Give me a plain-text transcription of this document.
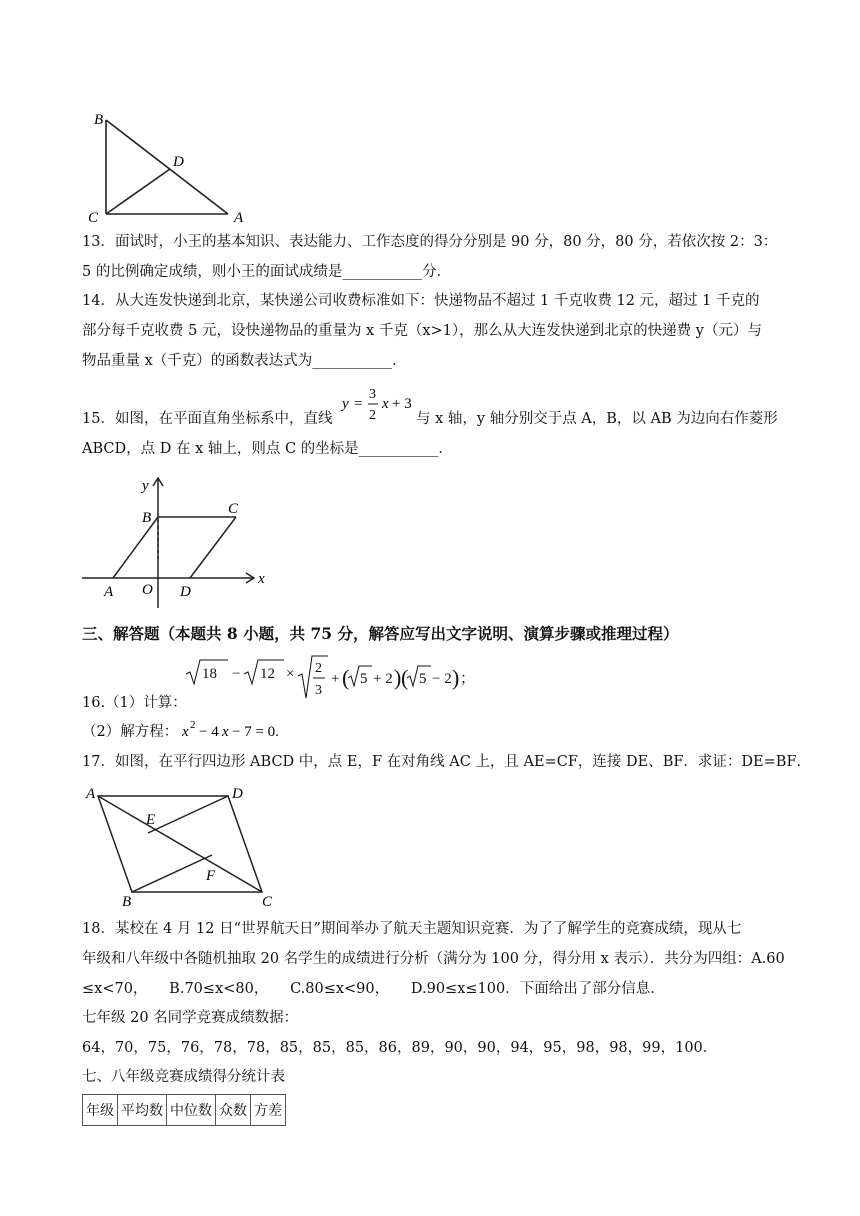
B
D
C	A
13．面试时，小王的基本知识、表达能力、工作态度的得分分别是 90 分，80 分，80 分，若依次按 2：3：
5 的比例确定成绩，则小王的面试成绩是___________分．
14．从大连发快递到北京，某快递公司收费标准如下：快递物品不超过 1 千克收费 12 元，超过 1 千克的
部分每千克收费 5 元，设快递物品的重量为 x 千克（x>1），那么从大连发快递到北京的快递费 y（元）与
物品重量 x（千克）的函数表达式为___________．
y =
3
2
x + 3
15．如图，在平面直角坐标系中，直线	与 x 轴，y 轴分别交于点 A，B，以 AB 为边向右作菱形
ABCD，点 D 在 x 轴上，则点 C 的坐标是___________．
y
B
C
A O D
x
三、解答题（本题共 8 小题，共 75 分，解答应写出文字说明、演算步骤或推理过程）
16.（1）计算：
18 − 12 × 2
3
+ ( 5 + 2 ) ( 5 − 2 ) ；
（2）解方程： x 2 − 4 x − 7 = 0.
17．如图，在平行四边形 ABCD 中，点 E，F 在对角线 AC 上，且 AE=CF，连接 DE、BF．求证：DE=BF．
A	D
E
F
B	C
18．某校在 4 月 12 日“世界航天日”期间举办了航天主题知识竞赛．为了了解学生的竞赛成绩，现从七
年级和八年级中各随机抽取 20 名学生的成绩进行分析（满分为 100 分，得分用 x 表示）．共分为四组：A.60
≤x<70，　　B.70≤x<80，　　C.80≤x<90，　　D.90≤x≤100．下面给出了部分信息．
七年级 20 名同学竞赛成绩数据：
64，70，75，76，78，78，85，85，85，86，89，90，90，94，95，98，98，99，100．
七、八年级竞赛成绩得分统计表
年级	平均数	中位数	众数	方差
